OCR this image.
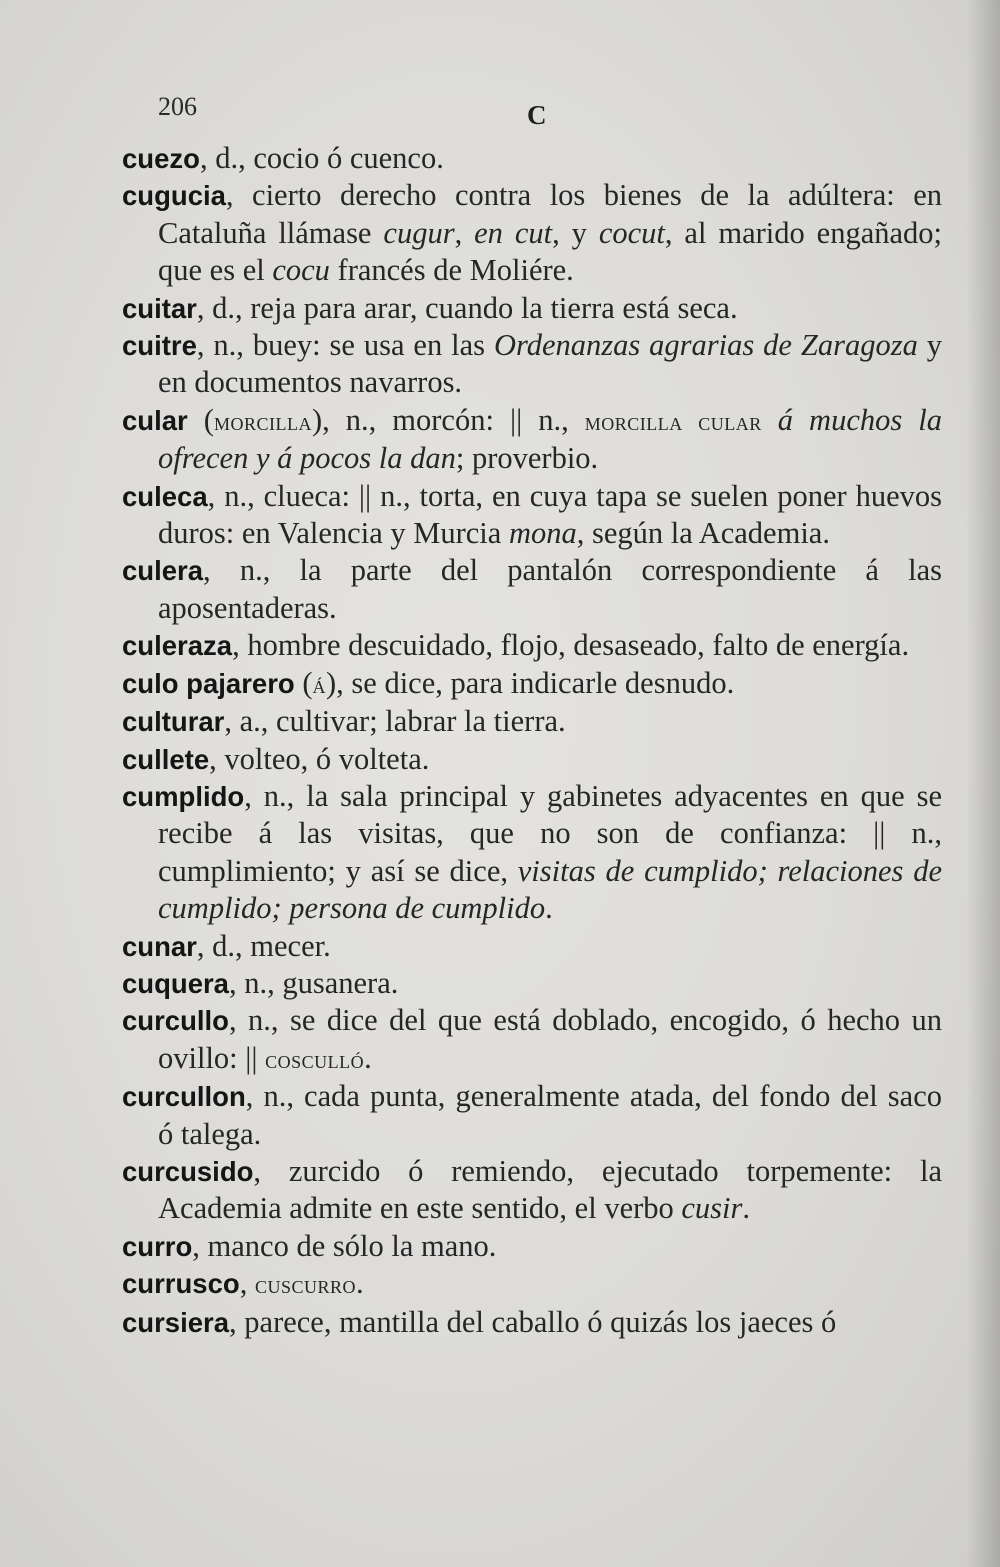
206	C

cuezo, d., cocio ó cuenco.

cugucia, cierto derecho contra los bienes de la adúltera: en Cataluña llámase cugur, en cut, y cocut, al marido engañado; que es el cocu francés de Moliére.

cuitar, d., reja para arar, cuando la tierra está seca.

cuitre, n., buey: se usa en las Ordenanzas agrarias de Zaragoza y en documentos navarros.

cular (morcilla), n., morcón: || n., morcilla cular á muchos la ofrecen y á pocos la dan; proverbio.

culeca, n., clueca: || n., torta, en cuya tapa se suelen poner huevos duros: en Valencia y Murcia mona, según la Academia.

culera, n., la parte del pantalón correspondiente á las aposentaderas.

culeraza, hombre descuidado, flojo, desaseado, falto de energía.

culo pajarero (á), se dice, para indicarle desnudo.

culturar, a., cultivar; labrar la tierra.

cullete, volteo, ó volteta.

cumplido, n., la sala principal y gabinetes adyacentes en que se recibe á las visitas, que no son de confianza: || n., cumplimiento; y así se dice, visitas de cumplido; relaciones de cumplido; persona de cumplido.

cunar, d., mecer.

cuquera, n., gusanera.

curcullo, n., se dice del que está doblado, encogido, ó hecho un ovillo: || cosculló.

curcullon, n., cada punta, generalmente atada, del fondo del saco ó talega.

curcusido, zurcido ó remiendo, ejecutado torpemente: la Academia admite en este sentido, el verbo cusir.

curro, manco de sólo la mano.

currusco, cuscurro.

cursiera, parece, mantilla del caballo ó quizás los jaeces ó
